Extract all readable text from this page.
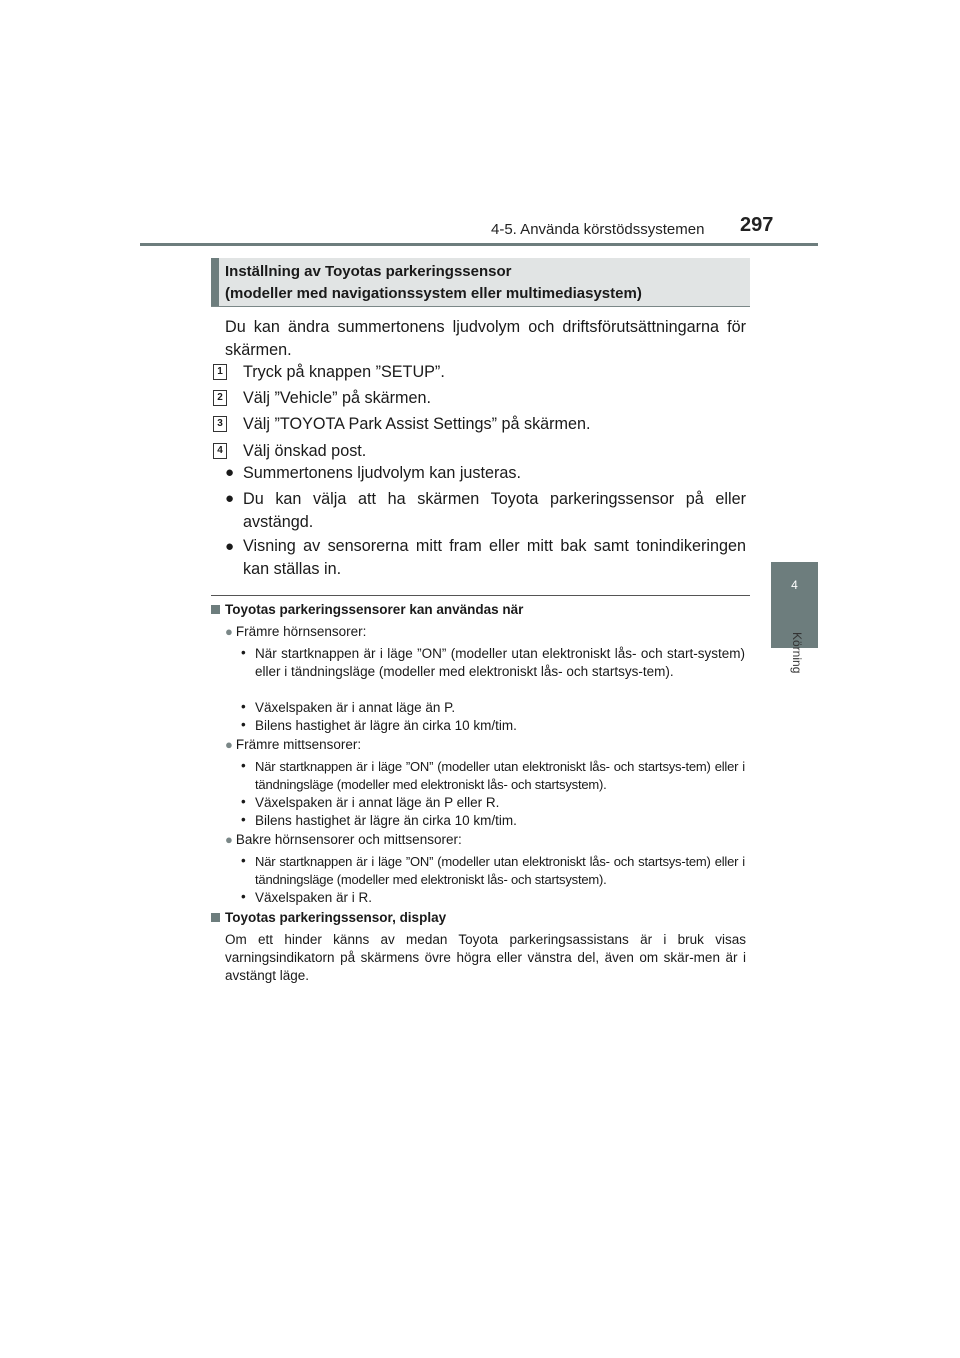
4-5. Använda körstödssystemen 297
4
Körning
Inställning av Toyotas parkeringssensor
(modeller med navigationssystem eller multimediasystem)
Du kan ändra summertonens ljudvolym och driftsförutsättningarna för skärmen.
1 Tryck på knappen ”SETUP”.
2 Välj ”Vehicle” på skärmen.
3 Välj ”TOYOTA Park Assist Settings” på skärmen.
4 Välj önskad post.
● Summertonens ljudvolym kan justeras.
● Du kan välja att ha skärmen Toyota parkeringssensor på eller avstängd.
● Visning av sensorerna mitt fram eller mitt bak samt tonindikeringen kan ställas in.
Toyotas parkeringssensorer kan användas när
● Främre hörnsensorer:
• När startknappen är i läge ”ON” (modeller utan elektroniskt lås- och start-system) eller i tändningsläge (modeller med elektroniskt lås- och startsys-tem).
• Växelspaken är i annat läge än P.
• Bilens hastighet är lägre än cirka 10 km/tim.
● Främre mittsensorer:
• När startknappen är i läge ”ON” (modeller utan elektroniskt lås- och startsys-tem) eller i tändningsläge (modeller med elektroniskt lås- och startsystem).
• Växelspaken är i annat läge än P eller R.
• Bilens hastighet är lägre än cirka 10 km/tim.
● Bakre hörnsensorer och mittsensorer:
• När startknappen är i läge ”ON” (modeller utan elektroniskt lås- och startsys-tem) eller i tändningsläge (modeller med elektroniskt lås- och startsystem).
• Växelspaken är i R.
Toyotas parkeringssensor, display
Om ett hinder känns av medan Toyota parkeringsassistans är i bruk visas varningsindikatorn på skärmens övre högra eller vänstra del, även om skär-men är i avstängt läge.
